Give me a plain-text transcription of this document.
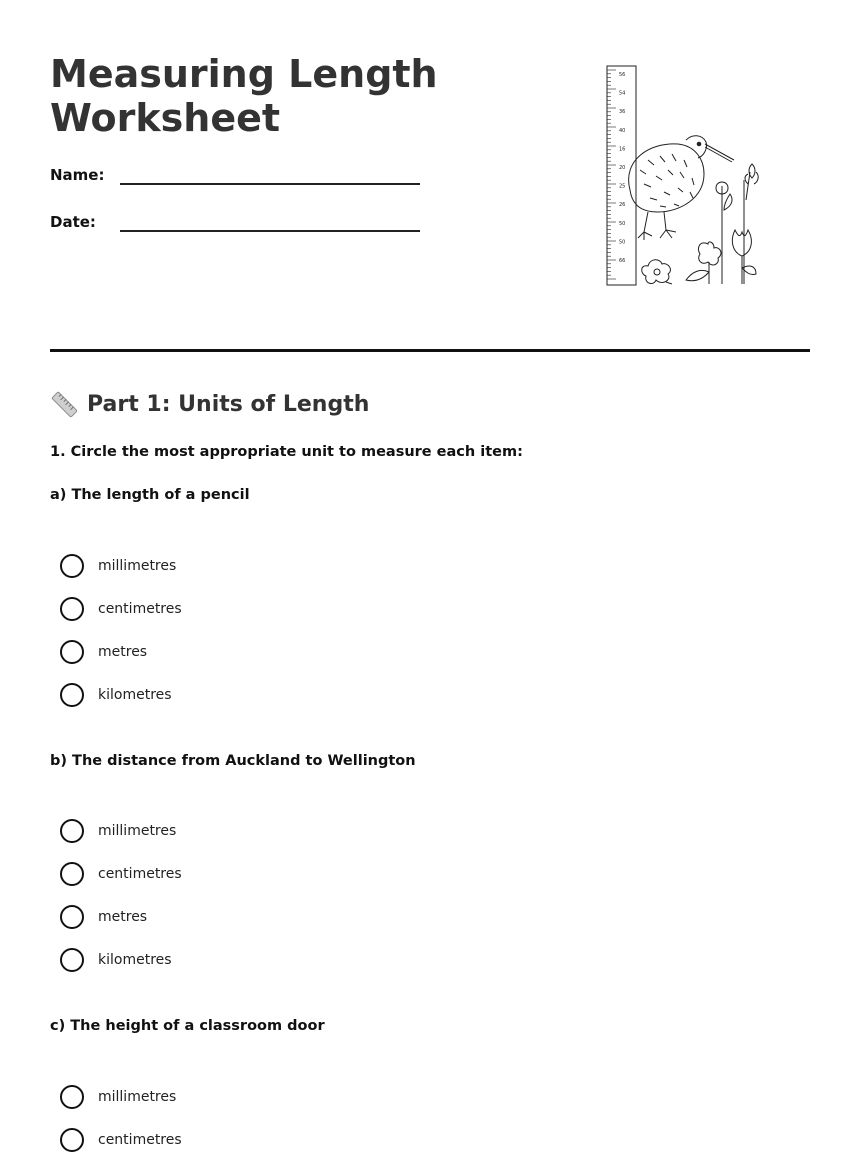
Measuring Length
Worksheet
Name:
Date:
56
54
36
40
16
20
25
26
50
50
66
Part 1: Units of Length
1. Circle the most appropriate unit to measure each item:
a) The length of a pencil
millimetres
centimetres
metres
kilometres
b) The distance from Auckland to Wellington
millimetres
centimetres
metres
kilometres
c) The height of a classroom door
millimetres
centimetres
